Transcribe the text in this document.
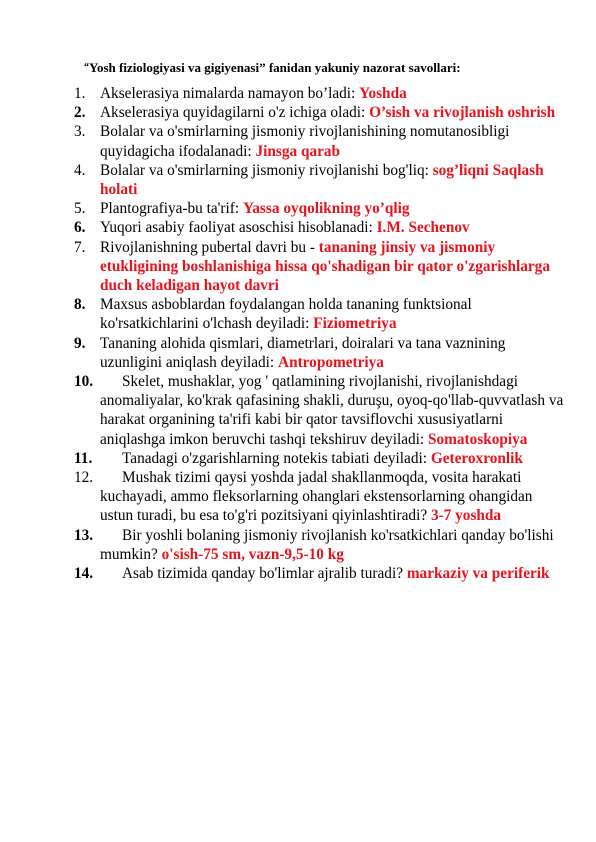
“Yosh fiziologiyasi va gigiyenasi” fanidan yakuniy nazorat savollari:
1. Akselerasiya nimalarda namayon bo’ladi: Yoshda
2. Akselerasiya quyidagilarni o'z ichiga oladi: O’sish va rivojlanish oshrish
3. Bolalar va o'smirlarning jismoniy rivojlanishining nomutanosibligi quyidagicha ifodalanadi: Jinsga qarab
4. Bolalar va o'smirlarning jismoniy rivojlanishi bog'liq: sog’liqni Saqlash holati
5. Plantografiya-bu ta'rif: Yassa oyqolikning yo’qlig
6. Yuqori asabiy faoliyat asoschisi hisoblanadi: I.M. Sechenov
7. Rivojlanishning pubertal davri bu - tananing jinsiy va jismoniy etukligining boshlanishiga hissa qo'shadigan bir qator o'zgarishlarga duch keladigan hayot davri
8. Maxsus asboblardan foydalangan holda tananing funktsional ko'rsatkichlarini o'lchash deyiladi: Fiziometriya
9. Tananing alohida qismlari, diametrlari, doiralari va tana vaznining uzunligini aniqlash deyiladi: Antropometriya
10.	Skelet, mushaklar, yog ' qatlamining rivojlanishi, rivojlanishdagi anomaliyalar, ko'krak qafasining shakli, duruşu, oyoq-qo'llab-quvvatlash va harakat organining ta'rifi kabi bir qator tavsiflovchi xususiyatlarni aniqlashga imkon beruvchi tashqi tekshiruv deyiladi: Somatoskopiya
11.	Tanadagi o'zgarishlarning notekis tabiati deyiladi: Geteroxronlik
12.	Mushak tizimi qaysi yoshda jadal shakllanmoqda, vosita harakati kuchayadi, ammo fleksorlarning ohanglari ekstensorlarning ohangidan ustun turadi, bu esa to'g'ri pozitsiyani qiyinlashtiradi? 3-7 yoshda
13.	Bir yoshli bolaning jismoniy rivojlanish ko'rsatkichlari qanday bo'lishi mumkin? o'sish-75 sm, vazn-9,5-10 kg
14.	Asab tizimida qanday bo'limlar ajralib turadi? markaziy va periferik
